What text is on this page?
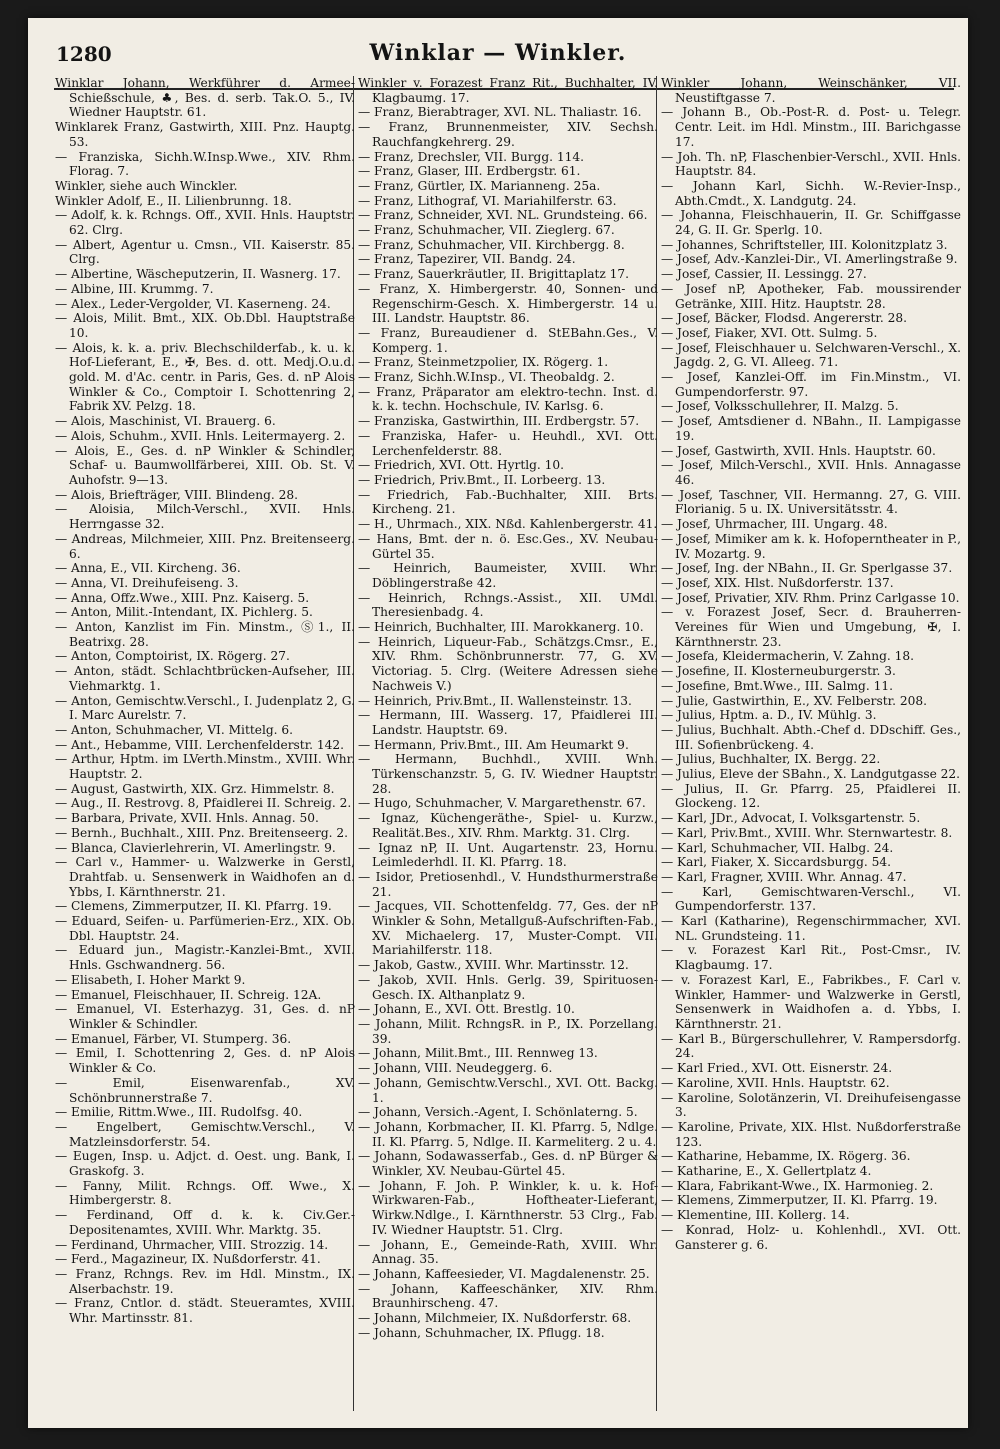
1280	Winklar — Winkler.

Winklar Johann, Werkführer d. Armee-Schießschule, ♣, Bes. d. serb. Tak.O. 5., IV. Wiedner Hauptstr. 61.

Winklarek Franz, Gastwirth, XIII. Pnz. Hauptg. 53.

— Franziska, Sichh.W.Insp.Wwe., XIV. Rhm. Florag. 7.

Winkler, siehe auch Winckler.

Winkler Adolf, E., II. Lilienbrunng. 18.

— Adolf, k. k. Rchngs. Off., XVII. Hnls. Hauptstr. 62. Clrg.

— Albert, Agentur u. Cmsn., VII. Kaiserstr. 85. Clrg.

— Albertine, Wäscheputzerin, II. Wasnerg. 17.

— Albine, III. Krummg. 7.

— Alex., Leder-Vergolder, VI. Kaserneng. 24.

— Alois, Milit. Bmt., XIX. Ob.Dbl. Hauptstraße 10.

— Alois, k. k. a. priv. Blechschilderfab., k. u. k. Hof-Lieferant, E., ✠, Bes. d. ott. Medj.O.u.d. gold. M. d'Ac. centr. in Paris, Ges. d. nP Alois Winkler & Co., Comptoir I. Schottenring 2, Fabrik XV. Pelzg. 18.

— Alois, Maschinist, VI. Brauerg. 6.

— Alois, Schuhm., XVII. Hnls. Leitermayerg. 2.

— Alois, E., Ges. d. nP Winkler & Schindler, Schaf- u. Baumwollfärberei, XIII. Ob. St. V. Auhofstr. 9—13.

— Alois, Briefträger, VIII. Blindeng. 28.

— Aloisia, Milch-Verschl., XVII. Hnls. Herrngasse 32.

— Andreas, Milchmeier, XIII. Pnz. Breitenseerg. 6.

— Anna, E., VII. Kircheng. 36.

— Anna, VI. Dreihufeiseng. 3.

— Anna, Offz.Wwe., XIII. Pnz. Kaiserg. 5.

— Anton, Milit.-Intendant, IX. Pichlerg. 5.

— Anton, Kanzlist im Fin. Minstm., Ⓢ1., II. Beatrixg. 28.

— Anton, Comptoirist, IX. Rögerg. 27.

— Anton, städt. Schlachtbrücken-Aufseher, III. Viehmarktg. 1.

— Anton, Gemischtw.Verschl., I. Judenplatz 2, G. I. Marc Aurelstr. 7.

— Anton, Schuhmacher, VI. Mittelg. 6.

— Ant., Hebamme, VIII. Lerchenfelderstr. 142.

— Arthur, Hptm. im LVerth.Minstm., XVIII. Whr. Hauptstr. 2.

— August, Gastwirth, XIX. Grz. Himmelstr. 8.

— Aug., II. Restrovg. 8, Pfaidlerei II. Schreig. 2.

— Barbara, Private, XVII. Hnls. Annag. 50.

— Bernh., Buchhalt., XIII. Pnz. Breitenseerg. 2.

— Blanca, Clavierlehrerin, VI. Amerlingstr. 9.

— Carl v., Hammer- u. Walzwerke in Gerstl, Drahtfab. u. Sensenwerk in Waidhofen an d. Ybbs, I. Kärnthnerstr. 21.

— Clemens, Zimmerputzer, II. Kl. Pfarrg. 19.

— Eduard, Seifen- u. Parfümerien-Erz., XIX. Ob. Dbl. Hauptstr. 24.

— Eduard jun., Magistr.-Kanzlei-Bmt., XVII. Hnls. Gschwandnerg. 56.

— Elisabeth, I. Hoher Markt 9.

— Emanuel, Fleischhauer, II. Schreig. 12A.

— Emanuel, VI. Esterhazyg. 31, Ges. d. nP Winkler & Schindler.

— Emanuel, Färber, VI. Stumperg. 36.

— Emil, I. Schottenring 2, Ges. d. nP Alois Winkler & Co.

— Emil, Eisenwarenfab., XV. Schönbrunnerstraße 7.

— Emilie, Rittm.Wwe., III. Rudolfsg. 40.

— Engelbert, Gemischtw.Verschl., V. Matzleinsdorferstr. 54.

— Eugen, Insp. u. Adjct. d. Oest. ung. Bank, I. Graskofg. 3.

— Fanny, Milit. Rchngs. Off. Wwe., X. Himbergerstr. 8.

— Ferdinand, Off d. k. k. Civ.Ger.-Depositenamtes, XVIII. Whr. Marktg. 35.

— Ferdinand, Uhrmacher, VIII. Strozzig. 14.

— Ferd., Magazineur, IX. Nußdorferstr. 41.

— Franz, Rchngs. Rev. im Hdl. Minstm., IX. Alserbachstr. 19.

— Franz, Cntlor. d. städt. Steueramtes, XVIII. Whr. Martinsstr. 81.

Winkler v. Forazest Franz Rit., Buchhalter, IV. Klagbaumg. 17.

— Franz, Bierabtrager, XVI. NL. Thaliastr. 16.

— Franz, Brunnenmeister, XIV. Sechsh. Rauchfangkehrerg. 29.

— Franz, Drechsler, VII. Burgg. 114.

— Franz, Glaser, III. Erdbergstr. 61.

— Franz, Gürtler, IX. Marianneng. 25a.

— Franz, Lithograf, VI. Mariahilferstr. 63.

— Franz, Schneider, XVI. NL. Grundsteing. 66.

— Franz, Schuhmacher, VII. Zieglerg. 67.

— Franz, Schuhmacher, VII. Kirchbergg. 8.

— Franz, Tapezirer, VII. Bandg. 24.

— Franz, Sauerkräutler, II. Brigittaplatz 17.

— Franz, X. Himbergerstr. 40, Sonnen- und Regenschirm-Gesch. X. Himbergerstr. 14 u. III. Landstr. Hauptstr. 86.

— Franz, Bureaudiener d. StEBahn.Ges., V. Komperg. 1.

— Franz, Steinmetzpolier, IX. Rögerg. 1.

— Franz, Sichh.W.Insp., VI. Theobaldg. 2.

— Franz, Präparator am elektro-techn. Inst. d. k. k. techn. Hochschule, IV. Karlsg. 6.

— Franziska, Gastwirthin, III. Erdbergstr. 57.

— Franziska, Hafer- u. Heuhdl., XVI. Ott. Lerchenfelderstr. 88.

— Friedrich, XVI. Ott. Hyrtlg. 10.

— Friedrich, Priv.Bmt., II. Lorbeerg. 13.

— Friedrich, Fab.-Buchhalter, XIII. Brts. Kircheng. 21.

— H., Uhrmach., XIX. Nßd. Kahlenbergerstr. 41.

— Hans, Bmt. der n. ö. Esc.Ges., XV. Neubau-Gürtel 35.

— Heinrich, Baumeister, XVIII. Whr. Döblingerstraße 42.

— Heinrich, Rchngs.-Assist., XII. UMdl. Theresienbadg. 4.

— Heinrich, Buchhalter, III. Marokkanerg. 10.

— Heinrich, Liqueur-Fab., Schätzgs.Cmsr., E., XIV. Rhm. Schönbrunnerstr. 77, G. XV. Victoriag. 5. Clrg. (Weitere Adressen siehe Nachweis V.)

— Heinrich, Priv.Bmt., II. Wallensteinstr. 13.

— Hermann, III. Wasserg. 17, Pfaidlerei III. Landstr. Hauptstr. 69.

— Hermann, Priv.Bmt., III. Am Heumarkt 9.

— Hermann, Buchhdl., XVIII. Wnh. Türkenschanzstr. 5, G. IV. Wiedner Hauptstr. 28.

— Hugo, Schuhmacher, V. Margarethenstr. 67.

— Ignaz, Küchengeräthe-, Spiel- u. Kurzw., Realität.Bes., XIV. Rhm. Marktg. 31. Clrg.

— Ignaz nP, II. Unt. Augartenstr. 23, Hornu. Leimlederhdl. II. Kl. Pfarrg. 18.

— Isidor, Pretiosenhdl., V. Hundsthurmerstraße 21.

— Jacques, VII. Schottenfeldg. 77, Ges. der nP Winkler & Sohn, Metallguß-Aufschriften-Fab., XV. Michaelerg. 17, Muster-Compt. VII. Mariahilferstr. 118.

— Jakob, Gastw., XVIII. Whr. Martinsstr. 12.

— Jakob, XVII. Hnls. Gerlg. 39, Spirituosen-Gesch. IX. Althanplatz 9.

— Johann, E., XVI. Ott. Brestlg. 10.

— Johann, Milit. RchngsR. in P., IX. Porzellang. 39.

— Johann, Milit.Bmt., III. Rennweg 13.

— Johann, VIII. Neudeggerg. 6.

— Johann, Gemischtw.Verschl., XVI. Ott. Backg. 1.

— Johann, Versich.-Agent, I. Schönlaterng. 5.

— Johann, Korbmacher, II. Kl. Pfarrg. 5, Ndlge. II. Kl. Pfarrg. 5, Ndlge. II. Karmeliterg. 2 u. 4.

— Johann, Sodawasserfab., Ges. d. nP Bürger & Winkler, XV. Neubau-Gürtel 45.

— Johann, F. Joh. P. Winkler, k. u. k. Hof-Wirkwaren-Fab., Hoftheater-Lieferant, Wirkw.Ndlge., I. Kärnthnerstr. 53 Clrg., Fab. IV. Wiedner Hauptstr. 51. Clrg.

— Johann, E., Gemeinde-Rath, XVIII. Whr. Annag. 35.

— Johann, Kaffeesieder, VI. Magdalenenstr. 25.

— Johann, Kaffeeschänker, XIV. Rhm. Braunhirscheng. 47.

— Johann, Milchmeier, IX. Nußdorferstr. 68.

— Johann, Schuhmacher, IX. Pflugg. 18.

Winkler Johann, Weinschänker, VII. Neustiftgasse 7.

— Johann B., Ob.-Post-R. d. Post- u. Telegr. Centr. Leit. im Hdl. Minstm., III. Barichgasse 17.

— Joh. Th. nP, Flaschenbier-Verschl., XVII. Hnls. Hauptstr. 84.

— Johann Karl, Sichh. W.-Revier-Insp., Abth.Cmdt., X. Landgutg. 24.

— Johanna, Fleischhauerin, II. Gr. Schiffgasse 24, G. II. Gr. Sperlg. 10.

— Johannes, Schriftsteller, III. Kolonitzplatz 3.

— Josef, Adv.-Kanzlei-Dir., VI. Amerlingstraße 9.

— Josef, Cassier, II. Lessingg. 27.

— Josef nP, Apotheker, Fab. moussirender Getränke, XIII. Hitz. Hauptstr. 28.

— Josef, Bäcker, Flodsd. Angererstr. 28.

— Josef, Fiaker, XVI. Ott. Sulmg. 5.

— Josef, Fleischhauer u. Selchwaren-Verschl., X. Jagdg. 2, G. VI. Alleeg. 71.

— Josef, Kanzlei-Off. im Fin.Minstm., VI. Gumpendorferstr. 97.

— Josef, Volksschullehrer, II. Malzg. 5.

— Josef, Amtsdiener d. NBahn., II. Lampigasse 19.

— Josef, Gastwirth, XVII. Hnls. Hauptstr. 60.

— Josef, Milch-Verschl., XVII. Hnls. Annagasse 46.

— Josef, Taschner, VII. Hermanng. 27, G. VIII. Florianig. 5 u. IX. Universitätsstr. 4.

— Josef, Uhrmacher, III. Ungarg. 48.

— Josef, Mimiker am k. k. Hofoperntheater in P., IV. Mozartg. 9.

— Josef, Ing. der NBahn., II. Gr. Sperlgasse 37.

— Josef, XIX. Hlst. Nußdorferstr. 137.

— Josef, Privatier, XIV. Rhm. Prinz Carlgasse 10.

— v. Forazest Josef, Secr. d. Brauherren-Vereines für Wien und Umgebung, ✠, I. Kärnthnerstr. 23.

— Josefa, Kleidermacherin, V. Zahng. 18.

— Josefine, II. Klosterneuburgerstr. 3.

— Josefine, Bmt.Wwe., III. Salmg. 11.

— Julie, Gastwirthin, E., XV. Felberstr. 208.

— Julius, Hptm. a. D., IV. Mühlg. 3.

— Julius, Buchhalt. Abth.-Chef d. DDschiff. Ges., III. Sofienbrückeng. 4.

— Julius, Buchhalter, IX. Bergg. 22.

— Julius, Eleve der SBahn., X. Landgutgasse 22.

— Julius, II. Gr. Pfarrg. 25, Pfaidlerei II. Glockeng. 12.

— Karl, JDr., Advocat, I. Volksgartenstr. 5.

— Karl, Priv.Bmt., XVIII. Whr. Sternwartestr. 8.

— Karl, Schuhmacher, VII. Halbg. 24.

— Karl, Fiaker, X. Siccardsburgg. 54.

— Karl, Fragner, XVIII. Whr. Annag. 47.

— Karl, Gemischtwaren-Verschl., VI. Gumpendorferstr. 137.

— Karl (Katharine), Regenschirmmacher, XVI. NL. Grundsteing. 11.

— v. Forazest Karl Rit., Post-Cmsr., IV. Klagbaumg. 17.

— v. Forazest Karl, E., Fabrikbes., F. Carl v. Winkler, Hammer- und Walzwerke in Gerstl, Sensenwerk in Waidhofen a. d. Ybbs, I. Kärnthnerstr. 21.

— Karl B., Bürgerschullehrer, V. Rampersdorfg. 24.

— Karl Fried., XVI. Ott. Eisnerstr. 24.

— Karoline, XVII. Hnls. Hauptstr. 62.

— Karoline, Solotänzerin, VI. Dreihufeisengasse 3.

— Karoline, Private, XIX. Hlst. Nußdorferstraße 123.

— Katharine, Hebamme, IX. Rögerg. 36.

— Katharine, E., X. Gellertplatz 4.

— Klara, Fabrikant-Wwe., IX. Harmonieg. 2.

— Klemens, Zimmerputzer, II. Kl. Pfarrg. 19.

— Klementine, III. Kollerg. 14.

— Konrad, Holz- u. Kohlenhdl., XVI. Ott. Gansterer g. 6.
